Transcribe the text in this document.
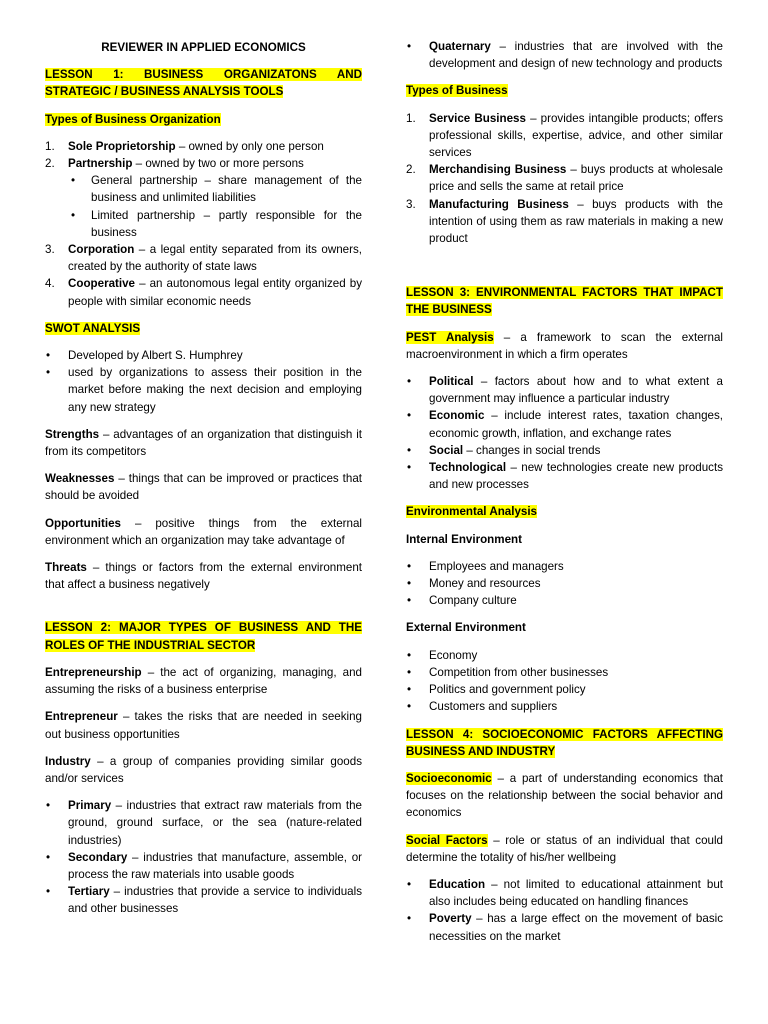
REVIEWER IN APPLIED ECONOMICS

LESSON 1: BUSINESS ORGANIZATONS AND STRATEGIC / BUSINESS ANALYSIS TOOLS

Types of Business Organization

1. Sole Proprietorship – owned by only one person
2. Partnership – owned by two or more persons
• General partnership – share management of the business and unlimited liabilities
• Limited partnership – partly responsible for the business
3. Corporation – a legal entity separated from its owners, created by the authority of state laws
4. Cooperative – an autonomous legal entity organized by people with similar economic needs

SWOT ANALYSIS

• Developed by Albert S. Humphrey
• used by organizations to assess their position in the market before making the next decision and employing any new strategy

Strengths – advantages of an organization that distinguish it from its competitors

Weaknesses – things that can be improved or practices that should be avoided

Opportunities – positive things from the external environment which an organization may take advantage of

Threats – things or factors from the external environment that affect a business negatively

LESSON 2: MAJOR TYPES OF BUSINESS AND THE ROLES OF THE INDUSTRIAL SECTOR

Entrepreneurship – the act of organizing, managing, and assuming the risks of a business enterprise

Entrepreneur – takes the risks that are needed in seeking out business opportunities

Industry – a group of companies providing similar goods and/or services

• Primary – industries that extract raw materials from the ground, ground surface, or the sea (nature-related industries)
• Secondary – industries that manufacture, assemble, or process the raw materials into usable goods
• Tertiary – industries that provide a service to individuals and other businesses
• Quaternary – industries that are involved with the development and design of new technology and products

Types of Business

1. Service Business – provides intangible products; offers professional skills, expertise, advice, and other similar services
2. Merchandising Business – buys products at wholesale price and sells the same at retail price
3. Manufacturing Business – buys products with the intention of using them as raw materials in making a new product

LESSON 3: ENVIRONMENTAL FACTORS THAT IMPACT THE BUSINESS

PEST Analysis – a framework to scan the external macroenvironment in which a firm operates

• Political – factors about how and to what extent a government may influence a particular industry
• Economic – include interest rates, taxation changes, economic growth, inflation, and exchange rates
• Social – changes in social trends
• Technological – new technologies create new products and new processes

Environmental Analysis

Internal Environment

• Employees and managers
• Money and resources
• Company culture

External Environment

• Economy
• Competition from other businesses
• Politics and government policy
• Customers and suppliers

LESSON 4: SOCIOECONOMIC FACTORS AFFECTING BUSINESS AND INDUSTRY

Socioeconomic – a part of understanding economics that focuses on the relationship between the social behavior and economics

Social Factors – role or status of an individual that could determine the totality of his/her wellbeing

• Education – not limited to educational attainment but also includes being educated on handling finances
• Poverty – has a large effect on the movement of basic necessities on the market
